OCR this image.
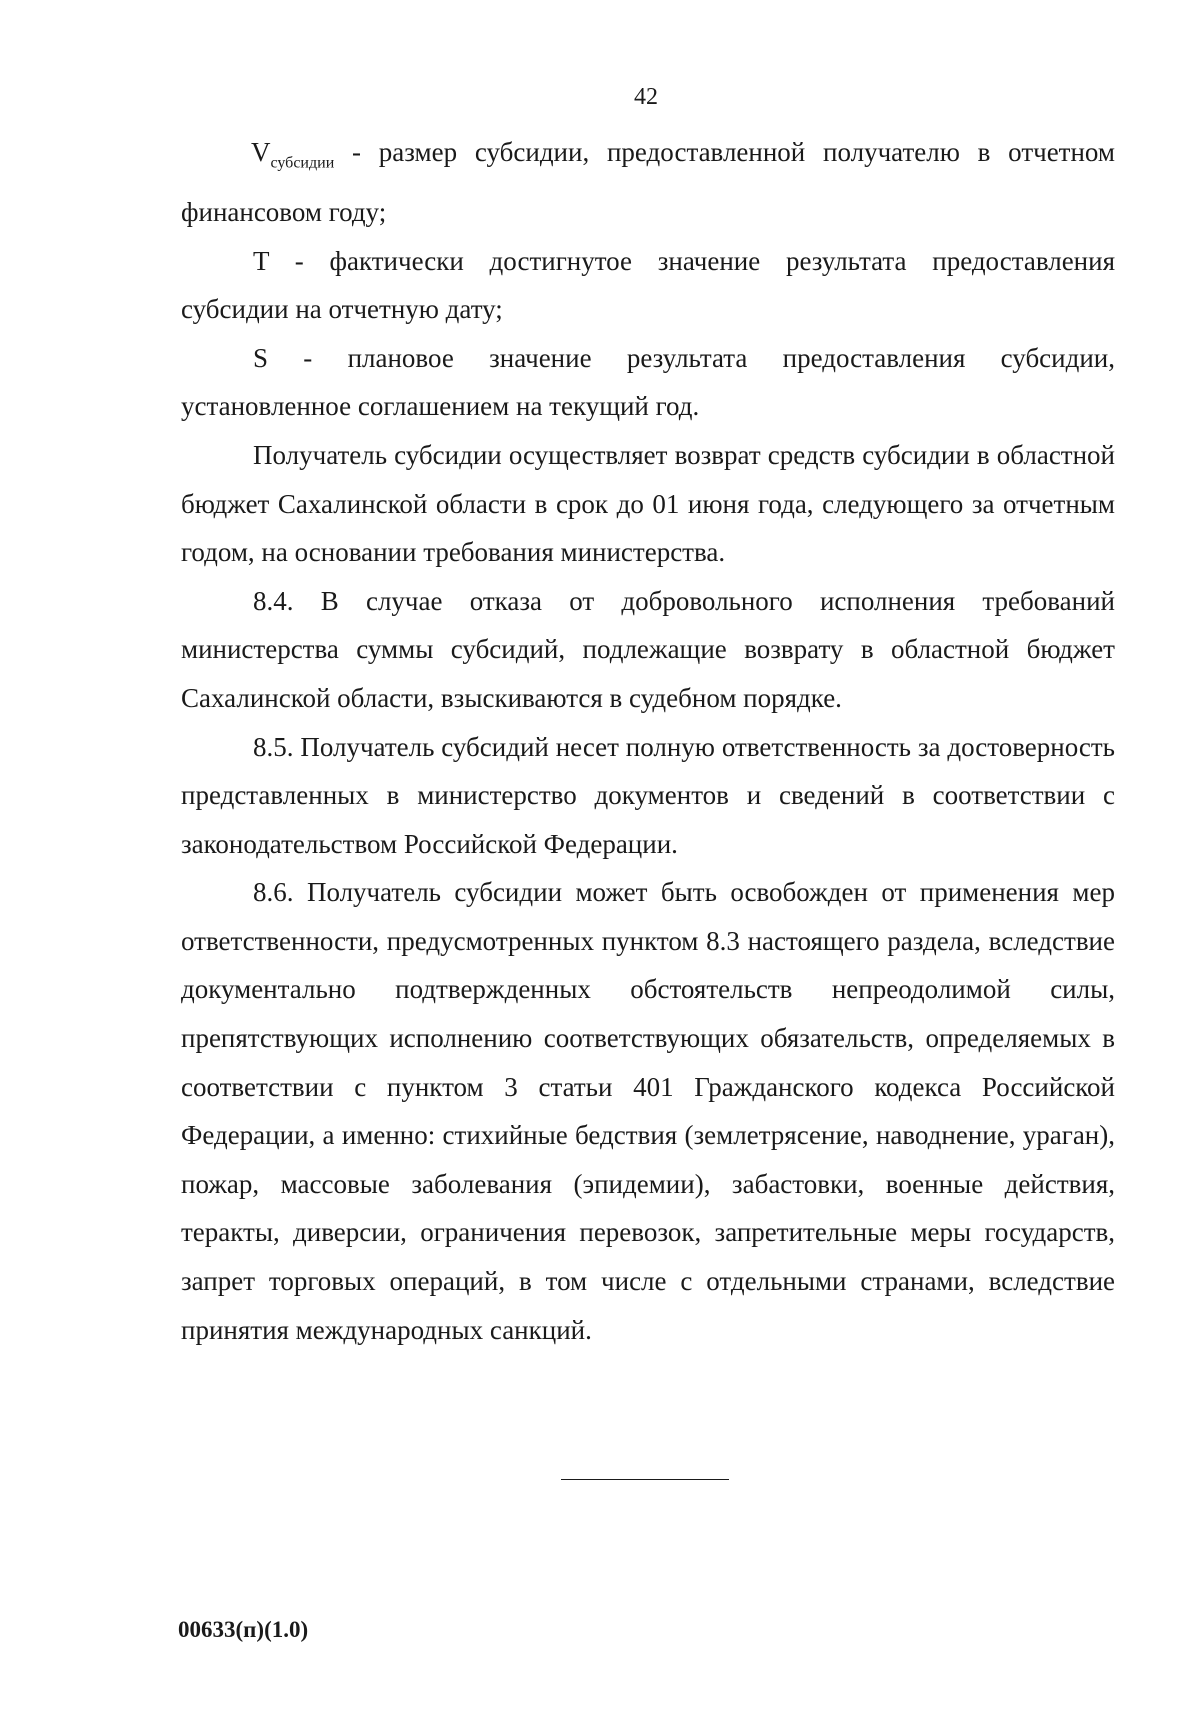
42

$V_{субсидии}$ - размер субсидии, предоставленной получателю в отчетном финансовом году;

T - фактически достигнутое значение результата предоставления субсидии на отчетную дату;

S - плановое значение результата предоставления субсидии, установленное соглашением на текущий год.

Получатель субсидии осуществляет возврат средств субсидии в областной бюджет Сахалинской области в срок до 01 июня года, следующего за отчетным годом, на основании требования министерства.

8.4. В случае отказа от добровольного исполнения требований министерства суммы субсидий, подлежащие возврату в областной бюджет Сахалинской области, взыскиваются в судебном порядке.

8.5. Получатель субсидий несет полную ответственность за достоверность представленных в министерство документов и сведений в соответствии с законодательством Российской Федерации.

8.6. Получатель субсидии может быть освобожден от применения мер ответственности, предусмотренных пунктом 8.3 настоящего раздела, вследствие документально подтвержденных обстоятельств непреодолимой силы, препятствующих исполнению соответствующих обязательств, определяемых в соответствии с пунктом 3 статьи 401 Гражданского кодекса Российской Федерации, а именно: стихийные бедствия (землетрясение, наводнение, ураган), пожар, массовые заболевания (эпидемии), забастовки, военные действия, теракты, диверсии, ограничения перевозок, запретительные меры государств, запрет торговых операций, в том числе с отдельными странами, вследствие принятия международных санкций.

00633(п)(1.0)
